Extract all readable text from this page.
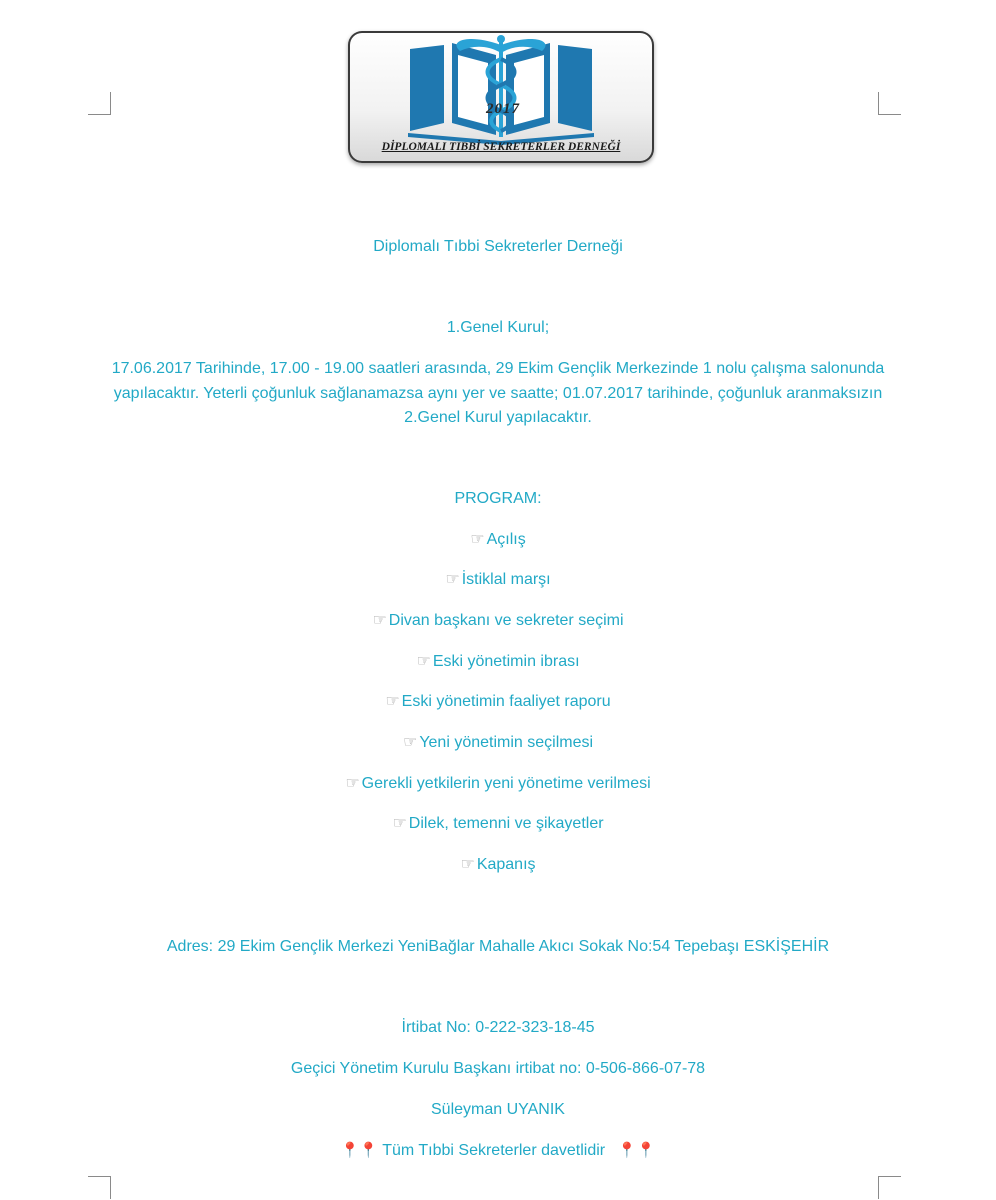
2017
DİPLOMALI TIBBİ SEKRETERLER DERNEĞİ
Diplomalı Tıbbi Sekreterler Derneği
1.Genel Kurul;
17.06.2017 Tarihinde, 17.00 - 19.00 saatleri arasında, 29 Ekim Gençlik Merkezinde 1 nolu çalışma salonunda yapılacaktır. Yeterli çoğunluk sağlanamazsa aynı yer ve saatte; 01.07.2017 tarihinde, çoğunluk aranmaksızın 2.Genel Kurul yapılacaktır.
PROGRAM:
☞ Açılış
☞ İstiklal marşı
☞ Divan başkanı ve sekreter seçimi
☞ Eski yönetimin ibrası
☞ Eski yönetimin faaliyet raporu
☞ Yeni yönetimin seçilmesi
☞ Gerekli yetkilerin yeni yönetime verilmesi
☞ Dilek, temenni ve şikayetler
☞ Kapanış
Adres: 29 Ekim Gençlik Merkezi YeniBağlar Mahalle Akıcı Sokak No:54 Tepebaşı ESKİŞEHİR
İrtibat No: 0-222-323-18-45
Geçici Yönetim Kurulu Başkanı irtibat no: 0-506-866-07-78
Süleyman UYANIK
📍📍 Tüm Tıbbi Sekreterler davetlidir   📍📍
